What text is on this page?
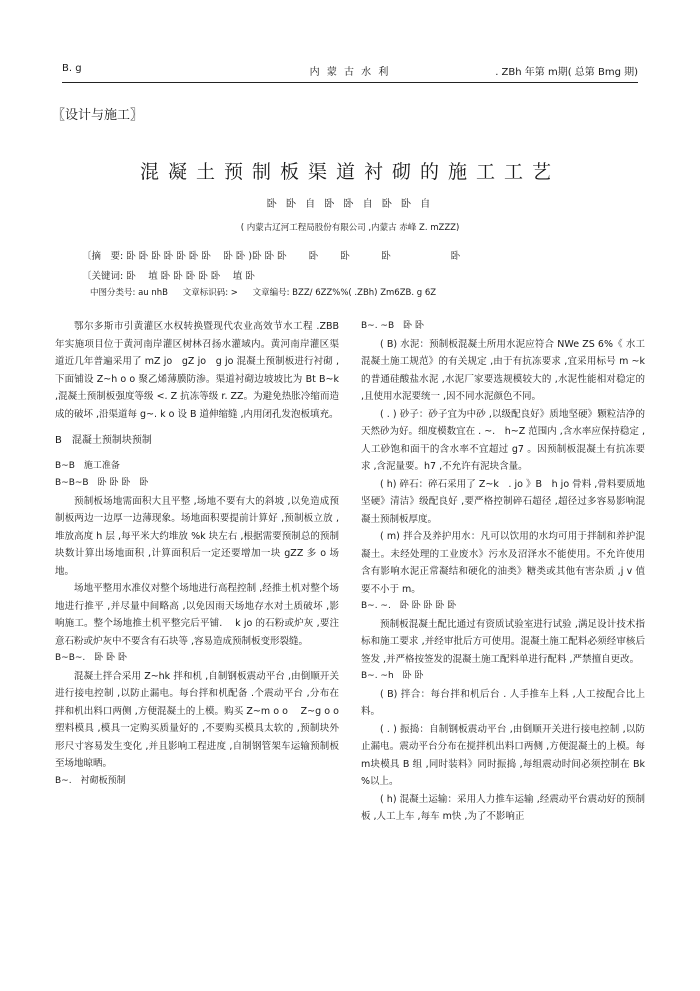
B. g	内 蒙 古 水 利	. ZBh 年第 m期( 总第 Bmg 期)
〖设计与施工〗
混凝土预制板渠道衬砌的施工工艺
卧 卧 自 卧 卧 自 卧 卧 自
( 内蒙古辽河工程局股份有限公司 ,内蒙古 赤峰 Z. mZZZ)
〔摘　要: 卧 卧 卧 卧 卧 卧 卧 　卧 卧 )卧 卧 卧 　　卧 　　卧 　　　卧 　　　　　　卧
〔关键词: 卧 　埴 卧 卧 卧 卧 卧 　埴 卧
中图分类号: au nhB 文章标识码: > 文章编号: BZZ/ 6ZZ%%( .ZBh) Zm6ZB. g 6Z

鄂尔多斯市引黄灌区水权转换暨现代农业高效节水工程 .ZBB 年实施项目位于黄河南岸灌区树林召扬水灌域内。黄河南岸灌区渠道近几年普遍采用了 mZ jo　gZ jo　g jo 混凝土预制板进行衬砌 ,下面铺设 Z~h o o 聚乙烯薄膜防渗。渠道衬砌边坡坡比为 Bt B~k ,混凝土预制板强度等级 <. Z 抗冻等级 r. ZZ。为避免热胀冷缩而造成的破坏 ,沿渠道每 g~. k o 设 B 道伸缩缝 ,内用闭孔发泡板填充。

B　混凝土预制块预制
B~B　施工准备
B~B~B　卧 卧 卧　卧

预制板场地需面积大且平整 ,场地不要有大的斜坡 ,以免造成预制板两边一边厚一边薄现象。场地面积要提前计算好 ,预制板立放 ,堆放高度 h 层 ,每平米大约堆放 %k 块左右 ,根据需要预制总的预制块数计算出场地面积 ,计算面积后一定还要增加一块 gZZ 多 o 场地。

场地平整用水准仪对整个场地进行高程控制 ,经推土机对整个场地进行推平 ,并尽量中间略高 ,以免因雨天场地存水对土质破坏 ,影响施工。整个场地推土机平整完后平铺. 　k jo 的石粉或炉灰 ,要注意石粉或炉灰中不要含有石块等 ,容易造成预制板变形裂缝。

B~B~.　卧 卧 卧

混凝土拌合采用 Z~hk 拌和机 ,自制钢板震动平台 ,由倒顺开关进行接电控制 ,以防止漏电。每台拌和机配备 .个震动平台 ,分布在拌和机出料口两侧 ,方便混凝土的上模。购买 Z~m o o 　Z~g o o 塑料模具 ,模具一定购买质量好的 ,不要购买模具太软的 ,预制块外形尺寸容易发生变化 ,并且影响工程进度 ,自制钢管架车运输预制板至场地晾晒。

B~.　衬砌板预制
B~. ~B　卧 卧

( B) 水泥：预制板混凝土所用水泥应符合 NWe ZS 6%《 水工混凝土施工规范》的有关规定 ,由于有抗冻要求 ,宜采用标号 m ~k 的普通硅酸盐水泥 ,水泥厂家要选规模较大的 ,水泥性能相对稳定的 ,且使用水泥要统一 ,因不同水泥颜色不同。

( . ) 砂子：砂子宜为中砂 ,以级配良好》质地坚硬》颗粒洁净的天然砂为好。细度模数宜在 . ~.　h~Z 范围内 ,含水率应保持稳定 ,人工砂饱和面干的含水率不宜超过 g7 。因预制板混凝土有抗冻要求 ,含泥量要。h7 ,不允许有泥块含量。

( h) 碎石：碎石采用了 Z~k　. jo 》B　h jo 骨料 ,骨料要质地坚硬》清洁》级配良好 ,要严格控制碎石超径 ,超径过多容易影响混凝土预制板厚度。

( m) 拌合及养护用水：凡可以饮用的水均可用于拌制和养护混凝土。未经处理的工业废水》污水及沼泽水不能使用。不允许使用含有影响水泥正常凝结和硬化的油类》糖类或其他有害杂质 ,j v 值要不小于 m。

B~. ~.　卧 卧 卧 卧 卧

预制板混凝土配比通过有资质试验室进行试验 ,满足设计技术指标和施工要求 ,并经审批后方可使用。混凝土施工配料必须经审核后签发 ,并严格按签发的混凝土施工配料单进行配料 ,严禁擅自更改。

B~. ~h　卧 卧

( B) 拌合：每台拌和机后台 . 人手推车上料 ,人工按配合比上料。

( . ) 振捣：自制钢板震动平台 ,由倒顺开关进行接电控制 ,以防止漏电。震动平台分布在搅拌机出料口两侧 ,方便混凝土的上模。每 m块模具 B 组 ,同时装料》同时振捣 ,每组震动时间必须控制在 Bk %以上。

( h) 混凝土运输：采用人力推车运输 ,经震动平台震动好的预制板 ,人工上车 ,每车 m快 ,为了不影响正
